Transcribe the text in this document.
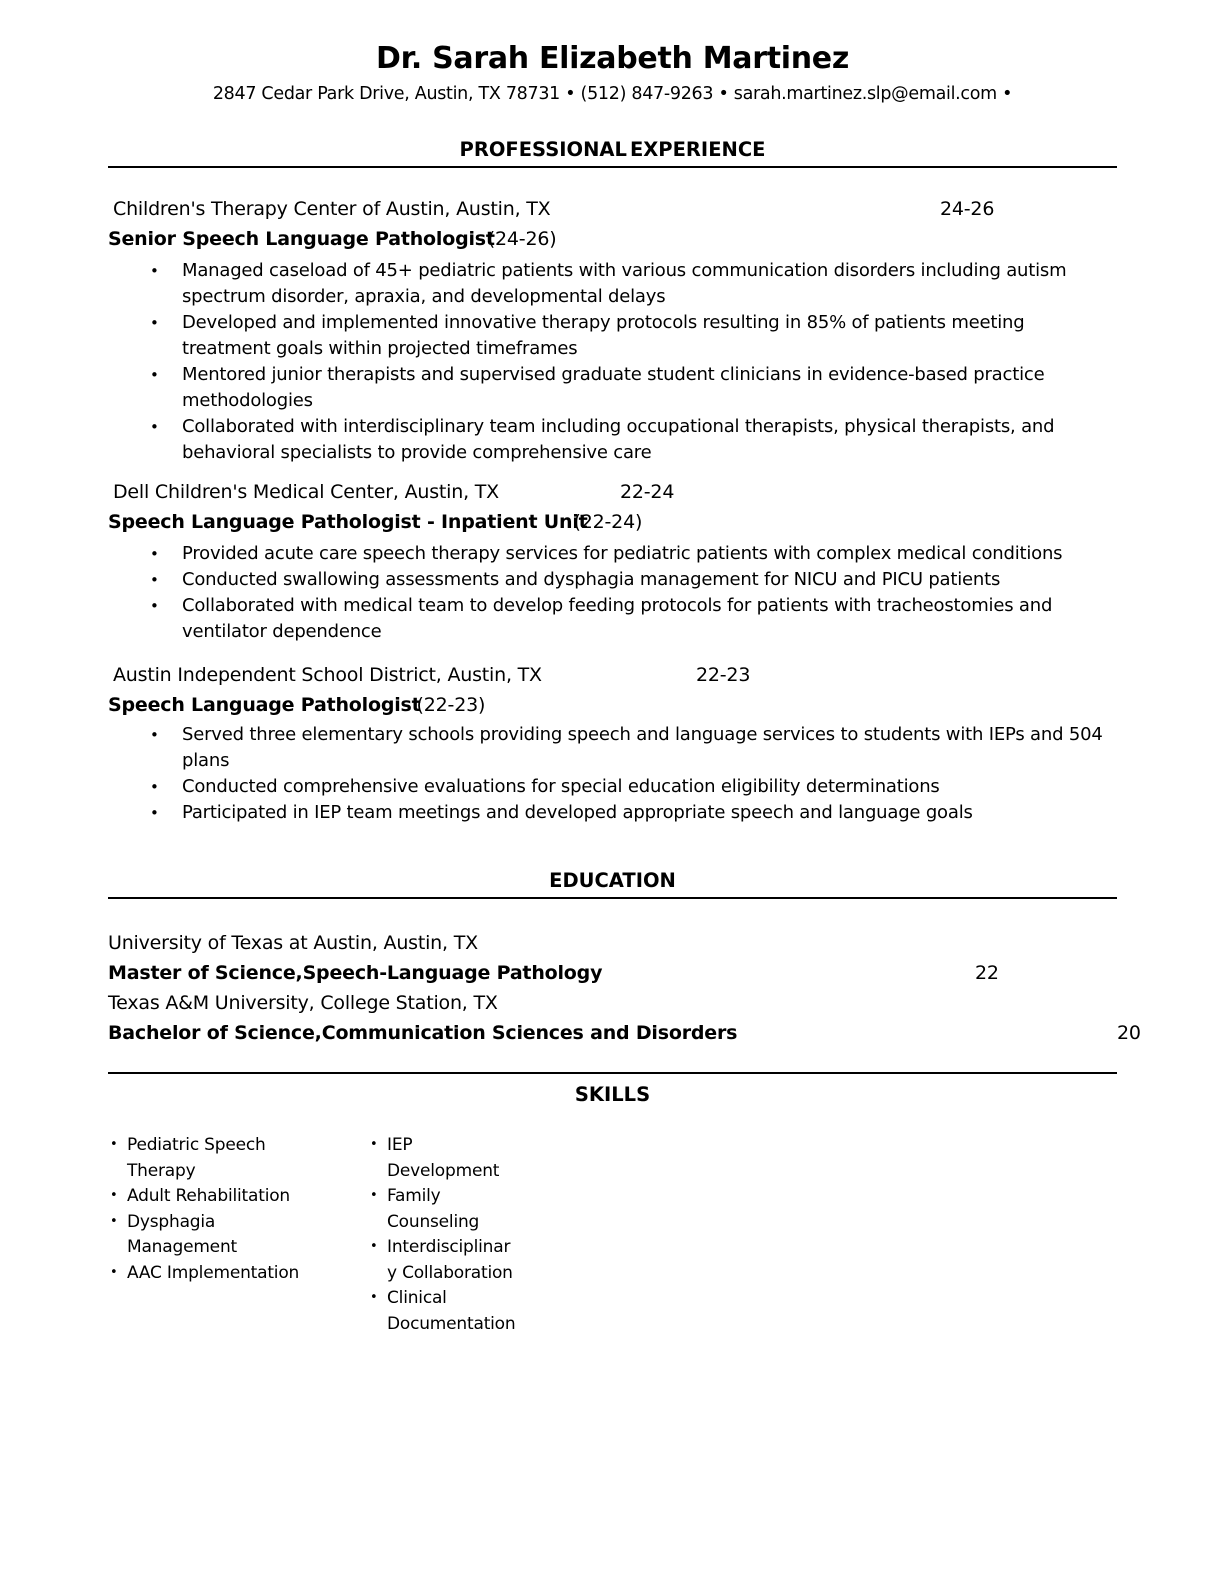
Dr. Sarah Elizabeth Martinez
2847 Cedar Park Drive, Austin, TX 78731 • (512) 847-9263 • sarah.martinez.slp@email.com •
PROFESSIONAL EXPERIENCE
Children's Therapy Center of Austin, Austin, TX	24-26
Senior Speech Language Pathologist(24-26)
• Managed caseload of 45+ pediatric patients with various communication disorders including autism spectrum disorder, apraxia, and developmental delays
• Developed and implemented innovative therapy protocols resulting in 85% of patients meeting treatment goals within projected timeframes
• Mentored junior therapists and supervised graduate student clinicians in evidence-based practice methodologies
• Collaborated with interdisciplinary team including occupational therapists, physical therapists, and behavioral specialists to provide comprehensive care
Dell Children's Medical Center, Austin, TX	22-24
Speech Language Pathologist - Inpatient Unit(22-24)
• Provided acute care speech therapy services for pediatric patients with complex medical conditions
• Conducted swallowing assessments and dysphagia management for NICU and PICU patients
• Collaborated with medical team to develop feeding protocols for patients with tracheostomies and ventilator dependence
Austin Independent School District, Austin, TX	22-23
Speech Language Pathologist(22-23)
• Served three elementary schools providing speech and language services to students with IEPs and 504 plans
• Conducted comprehensive evaluations for special education eligibility determinations
• Participated in IEP team meetings and developed appropriate speech and language goals
EDUCATION
University of Texas at Austin, Austin, TX
Master of Science,Speech-Language Pathology	22
Texas A&M University, College Station, TX
Bachelor of Science,Communication Sciences and Disorders	20
SKILLS
• Pediatric Speech Therapy
• Adult Rehabilitation
• Dysphagia Management
• AAC Implementation
• IEP Development
• Family Counseling
• Interdisciplinary Collaboration
• Clinical Documentation
